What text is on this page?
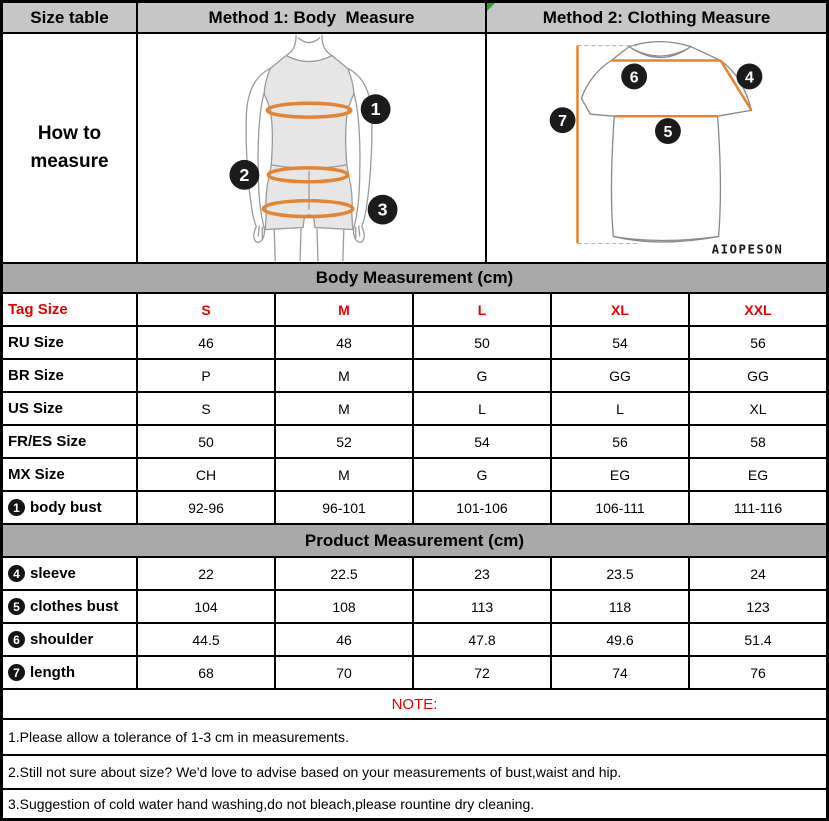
Size table	Method 1: Body  Measure	Method 2: Clothing Measure
How to
measure
1
2
3
6	4
5
7
AIOPESON
Body Measurement (cm)
Tag Size	S	M	L	XL	XXL
RU Size	46	48	50	54	56
BR Size	P	M	G	GG	GG
US Size	S	M	L	L	XL
FR/ES Size	50	52	54	56	58
MX Size	CH	M	G	EG	EG
1 body bust	92-96	96-101	101-106	106-111	111-116
Product Measurement (cm)
4 sleeve	22	22.5	23	23.5	24
5 clothes bust	104	108	113	118	123
6 shoulder	44.5	46	47.8	49.6	51.4
7 length	68	70	72	74	76
NOTE:
1.Please allow a tolerance of 1-3 cm in measurements.
2.Still not sure about size? We'd love to advise based on your measurements of bust,waist and hip.
3.Suggestion of cold water hand washing,do not bleach,please rountine dry cleaning.
